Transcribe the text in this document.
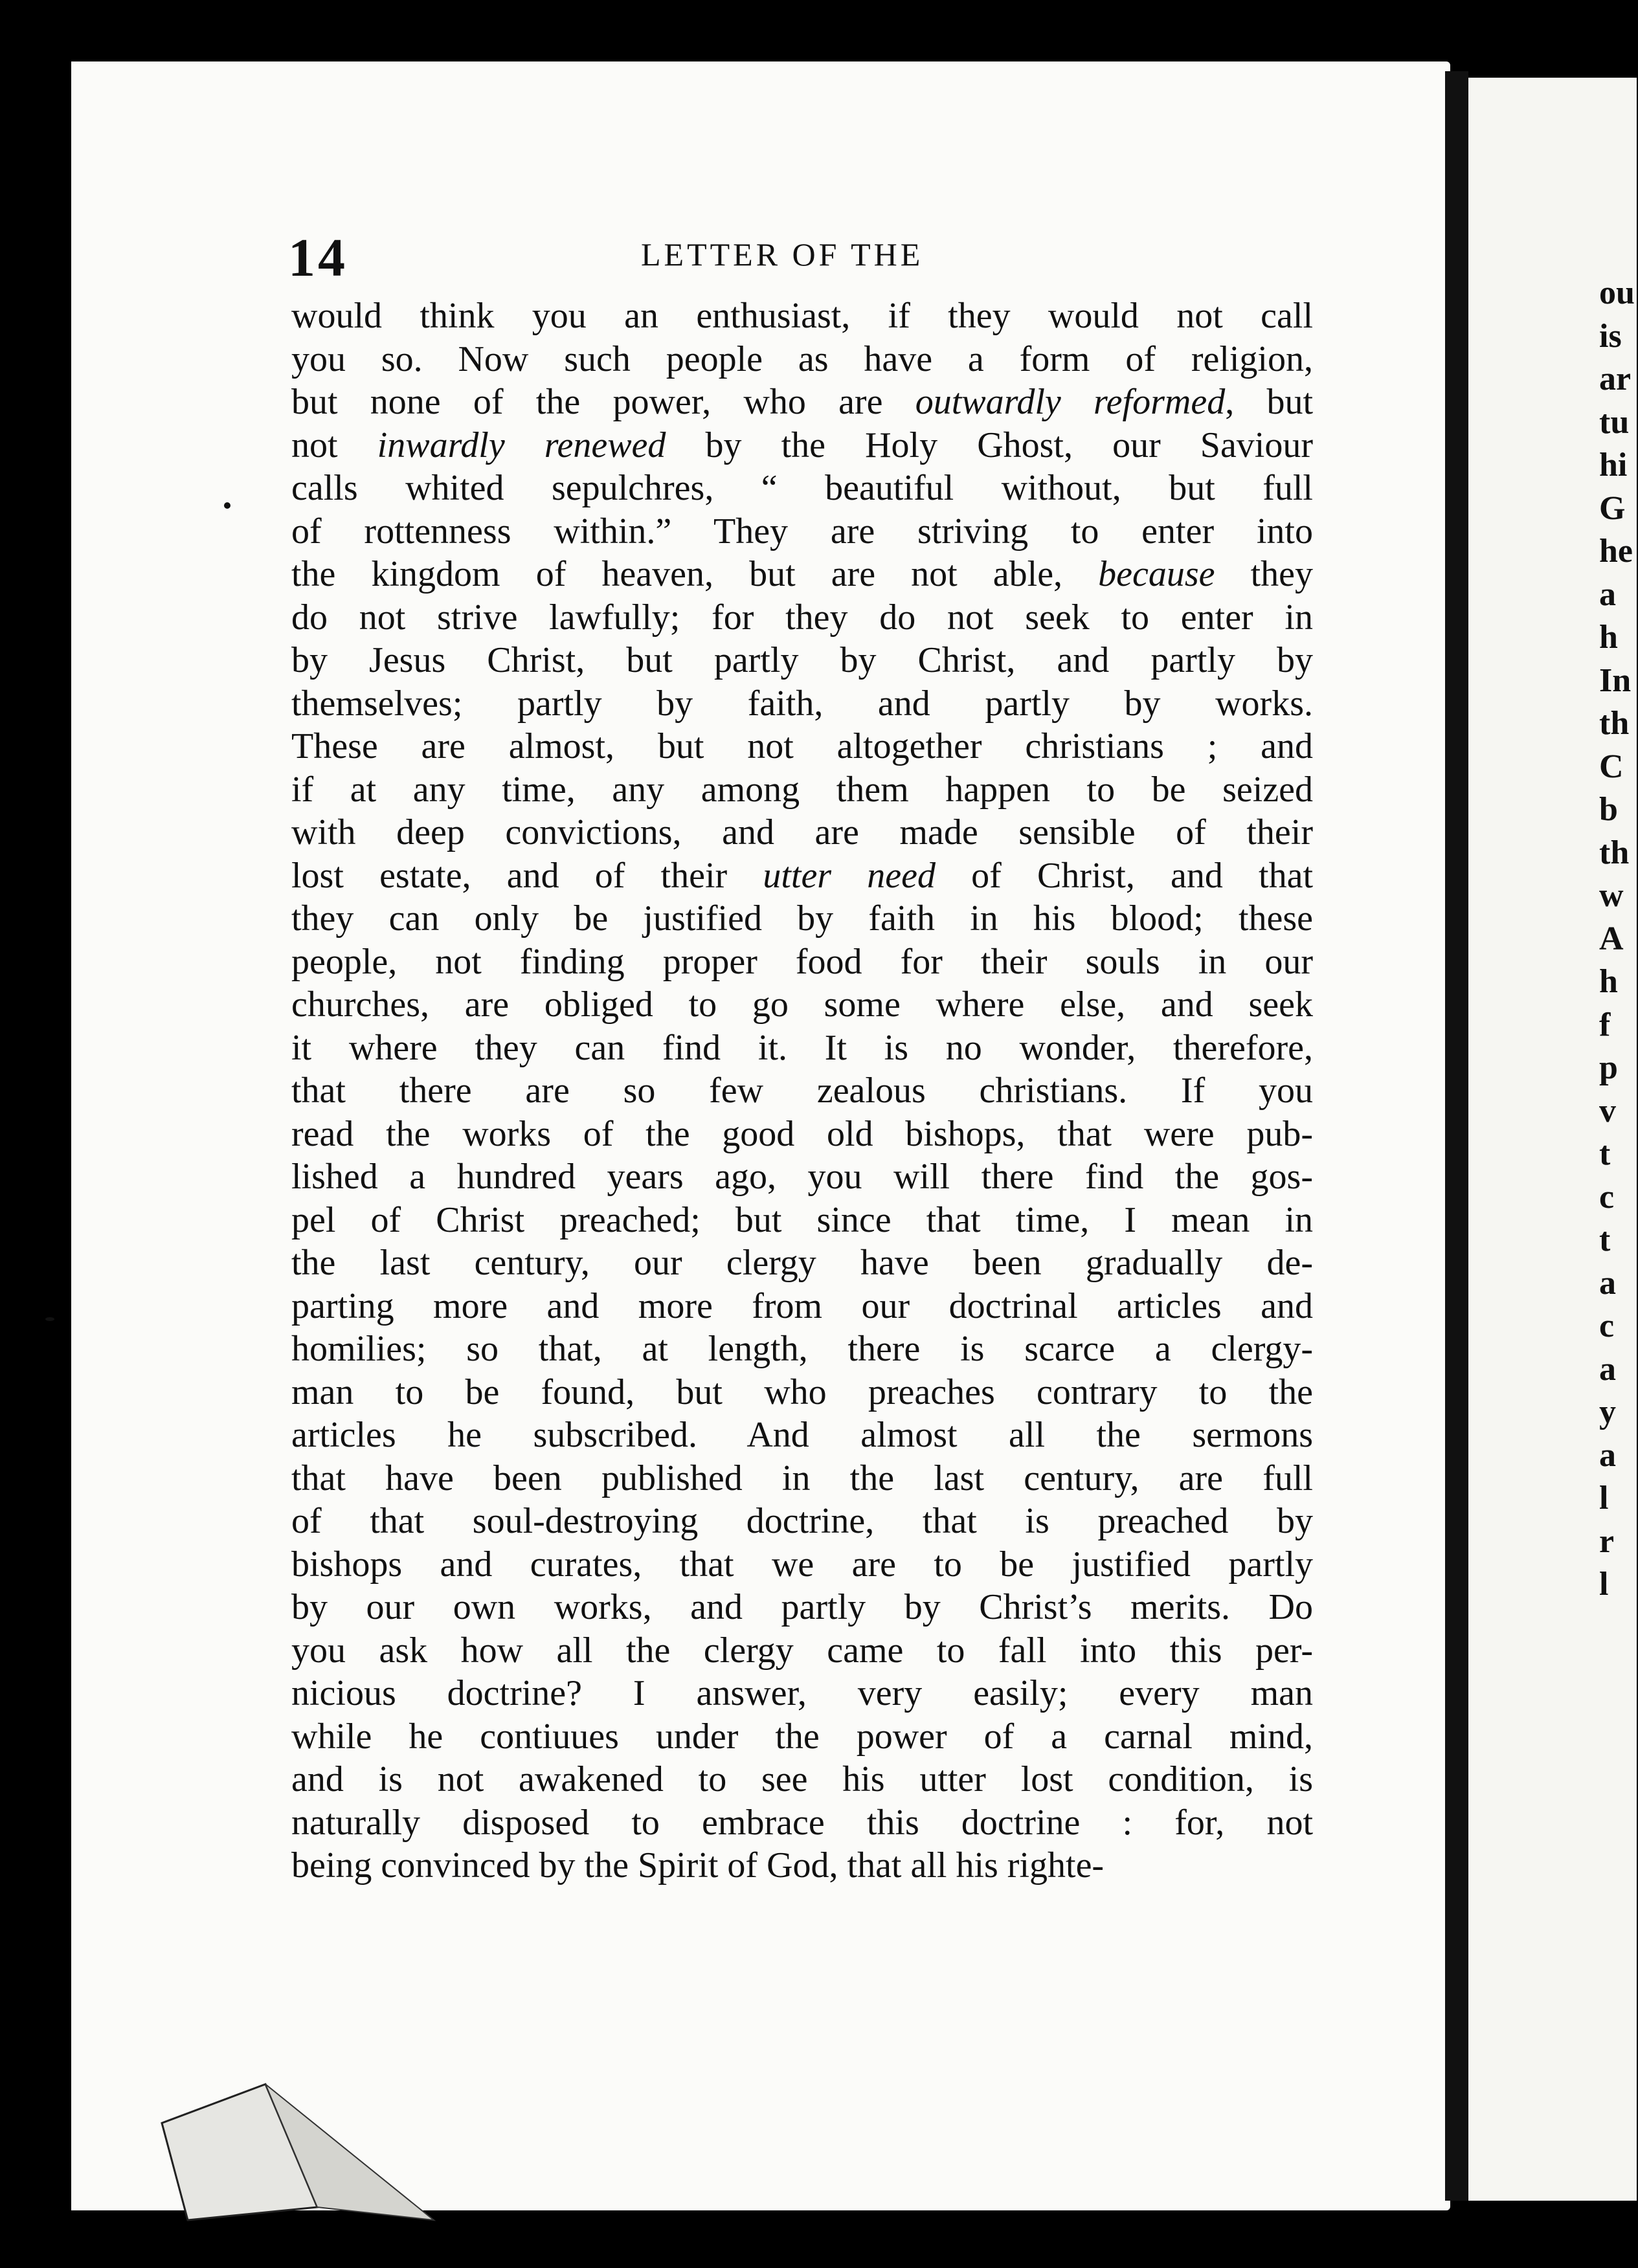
14	LETTER OF THE
would think you an enthusiast, if they would not call
you so. Now such people as have a form of religion,
but none of the power, who are outwardly reformed, but
not inwardly renewed by the Holy Ghost, our Saviour
calls whited sepulchres, “ beautiful without, but full
of rottenness within.” They are striving to enter into
the kingdom of heaven, but are not able, because they
do not strive lawfully; for they do not seek to enter in
by Jesus Christ, but partly by Christ, and partly by
themselves; partly by faith, and partly by works.
These are almost, but not altogether christians ; and
if at any time, any among them happen to be seized
with deep convictions, and are made sensible of their
lost estate, and of their utter need of Christ, and that
they can only be justified by faith in his blood; these
people, not finding proper food for their souls in our
churches, are obliged to go some where else, and seek
it where they can find it. It is no wonder, therefore,
that there are so few zealous christians. If you
read the works of the good old bishops, that were pub-
lished a hundred years ago, you will there find the gos-
pel of Christ preached; but since that time, I mean in
the last century, our clergy have been gradually de-
parting more and more from our doctrinal articles and
homilies; so that, at length, there is scarce a clergy-
man to be found, but who preaches contrary to the
articles he subscribed. And almost all the sermons
that have been published in the last century, are full
of that soul-destroying doctrine, that is preached by
bishops and curates, that we are to be justified partly
by our own works, and partly by Christ’s merits. Do
you ask how all the clergy came to fall into this per-
nicious doctrine? I answer, very easily; every man
while he contiuues under the power of a carnal mind,
and is not awakened to see his utter lost condition, is
naturally disposed to embrace this doctrine : for, not
being convinced by the Spirit of God, that all his righte-
ou
is
ar
tu
hi
G
he
a
h
In
th
C
b
th
w
A
h
f
p
v
t
c
t
a
c
a
y
a
l
r
l
